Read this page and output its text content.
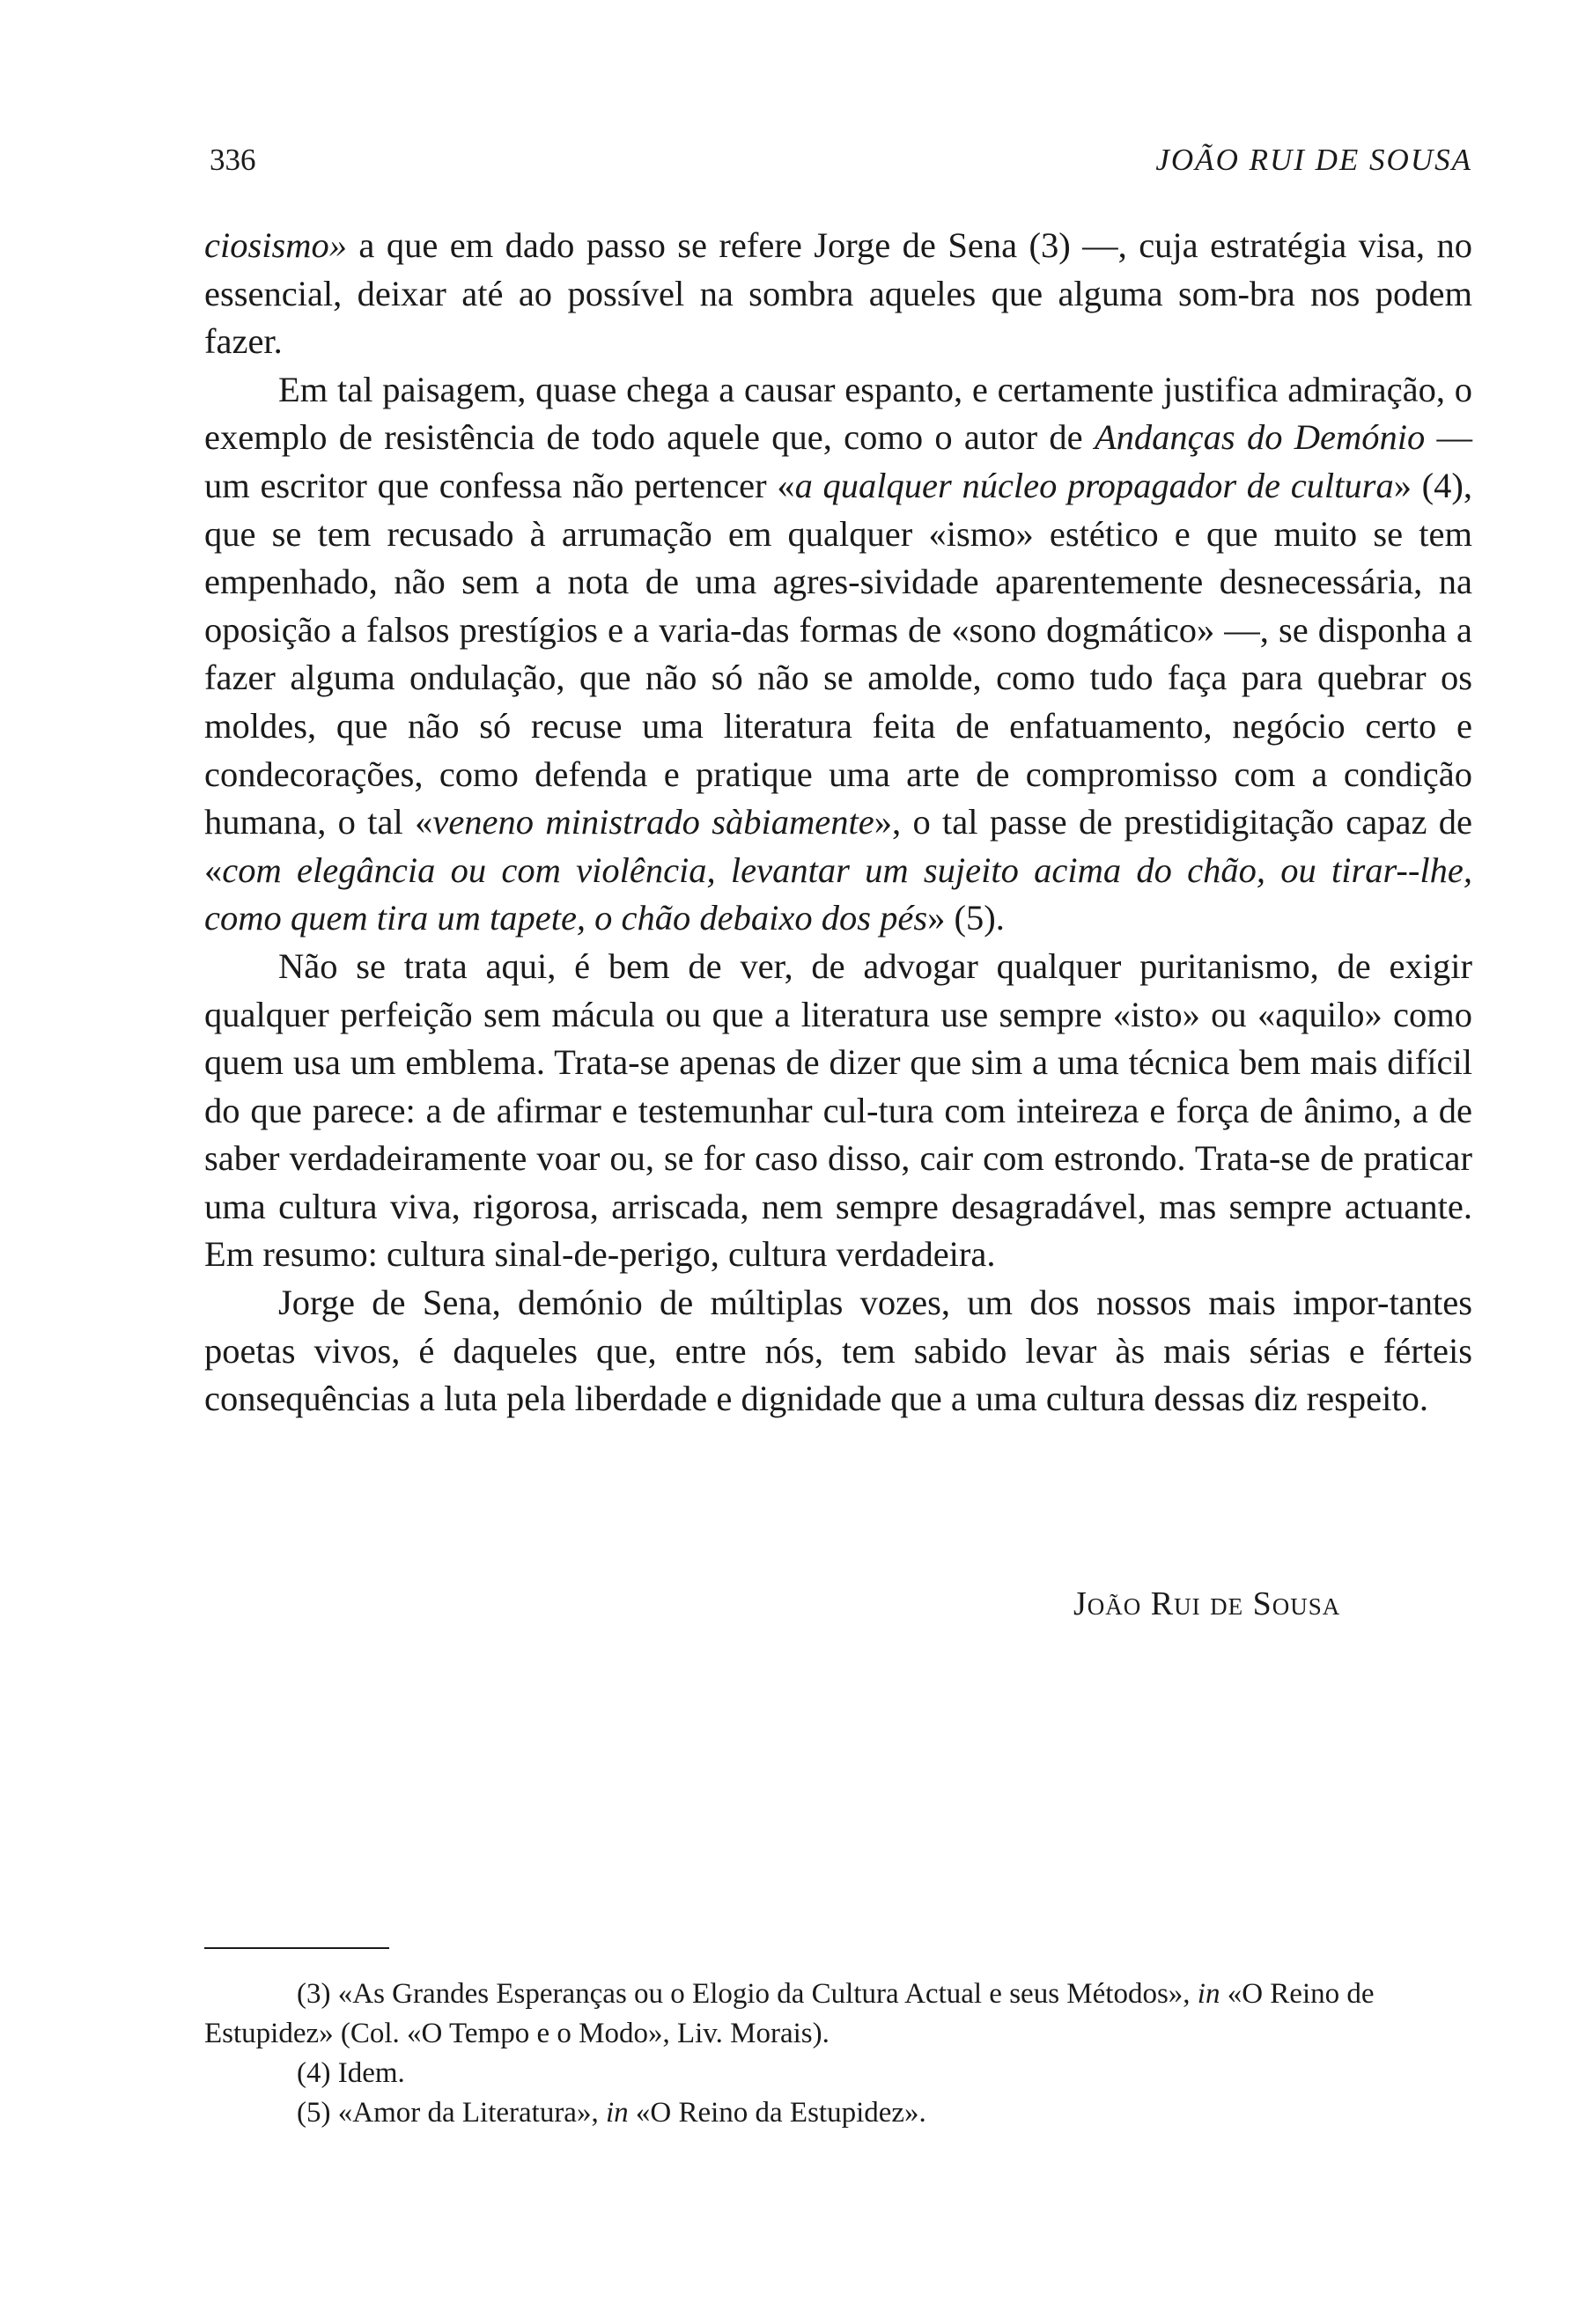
336	JOÃO RUI DE SOUSA

ciosismo» a que em dado passo se refere Jorge de Sena (3) —, cuja estratégia visa, no essencial, deixar até ao possível na sombra aqueles que alguma som-bra nos podem fazer.

Em tal paisagem, quase chega a causar espanto, e certamente justifica admiração, o exemplo de resistência de todo aquele que, como o autor de Andanças do Demónio — um escritor que confessa não pertencer «a qualquer núcleo propagador de cultura» (4), que se tem recusado à arrumação em qualquer «ismo» estético e que muito se tem empenhado, não sem a nota de uma agres-sividade aparentemente desnecessária, na oposição a falsos prestígios e a varia-das formas de «sono dogmático» —, se disponha a fazer alguma ondulação, que não só não se amolde, como tudo faça para quebrar os moldes, que não só recuse uma literatura feita de enfatuamento, negócio certo e condecorações, como defenda e pratique uma arte de compromisso com a condição humana, o tal «veneno ministrado sàbiamente», o tal passe de prestidigitação capaz de «com elegância ou com violência, levantar um sujeito acima do chão, ou tirar--lhe, como quem tira um tapete, o chão debaixo dos pés» (5).

Não se trata aqui, é bem de ver, de advogar qualquer puritanismo, de exigir qualquer perfeição sem mácula ou que a literatura use sempre «isto» ou «aquilo» como quem usa um emblema. Trata-se apenas de dizer que sim a uma técnica bem mais difícil do que parece: a de afirmar e testemunhar cul-tura com inteireza e força de ânimo, a de saber verdadeiramente voar ou, se for caso disso, cair com estrondo. Trata-se de praticar uma cultura viva, rigorosa, arriscada, nem sempre desagradável, mas sempre actuante. Em resumo: cultura sinal-de-perigo, cultura verdadeira.

Jorge de Sena, demónio de múltiplas vozes, um dos nossos mais impor-tantes poetas vivos, é daqueles que, entre nós, tem sabido levar às mais sérias e férteis consequências a luta pela liberdade e dignidade que a uma cultura dessas diz respeito.

João Rui de Sousa
(3) «As Grandes Esperanças ou o Elogio da Cultura Actual e seus Métodos», in «O Reino de Estupidez» (Col. «O Tempo e o Modo», Liv. Morais).
(4) Idem.
(5) «Amor da Literatura», in «O Reino da Estupidez».
